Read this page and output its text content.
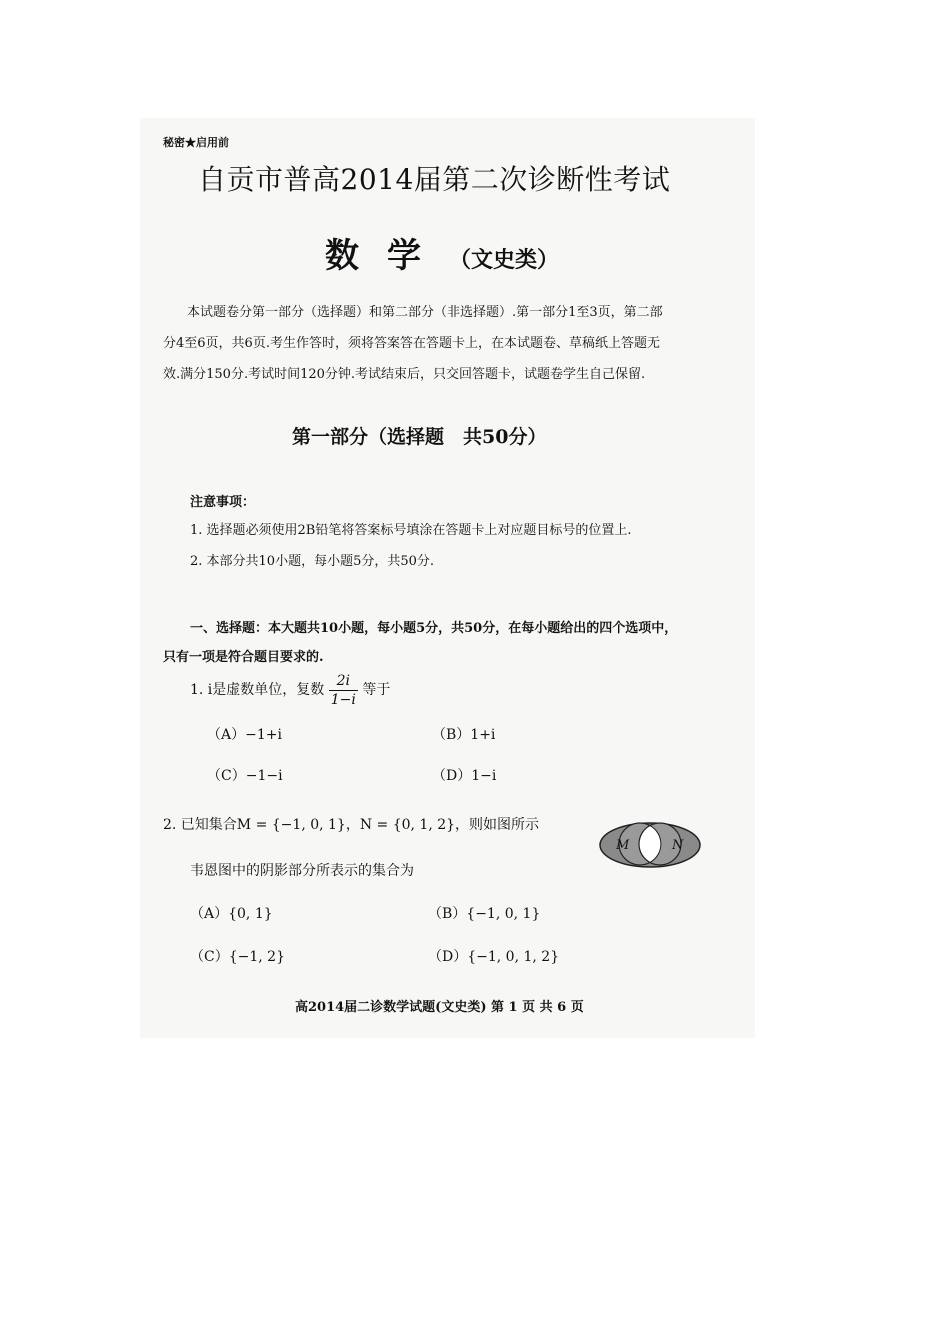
秘密★启用前
自贡市普高2014届第二次诊断性考试
数学（文史类）
本试题卷分第一部分（选择题）和第二部分（非选择题）.第一部分1至3页，第二部
分4至6页，共6页.考生作答时，须将答案答在答题卡上，在本试题卷、草稿纸上答题无
效.满分150分.考试时间120分钟.考试结束后，只交回答题卡，试题卷学生自己保留.
第一部分（选择题　共50分）
注意事项：
1. 选择题必须使用2B铅笔将答案标号填涂在答题卡上对应题目标号的位置上.
2. 本部分共10小题，每小题5分，共50分.
一、选择题：本大题共10小题，每小题5分，共50分，在每小题给出的四个选项中，
只有一项是符合题目要求的.
1. i是虚数单位，复数 $\frac{2i}{1-i}$ 等于
（A）−1+i	（B）1+i
（C）−1−i	（D）1−i
2. 已知集合M = {−1, 0, 1}，N = {0, 1, 2}，则如图所示
韦恩图中的阴影部分所表示的集合为
M	N
（A）{0, 1}	（B）{−1, 0, 1}
（C）{−1, 2}	（D）{−1, 0, 1, 2}
高2014届二诊数学试题(文史类) 第 1 页 共 6 页
